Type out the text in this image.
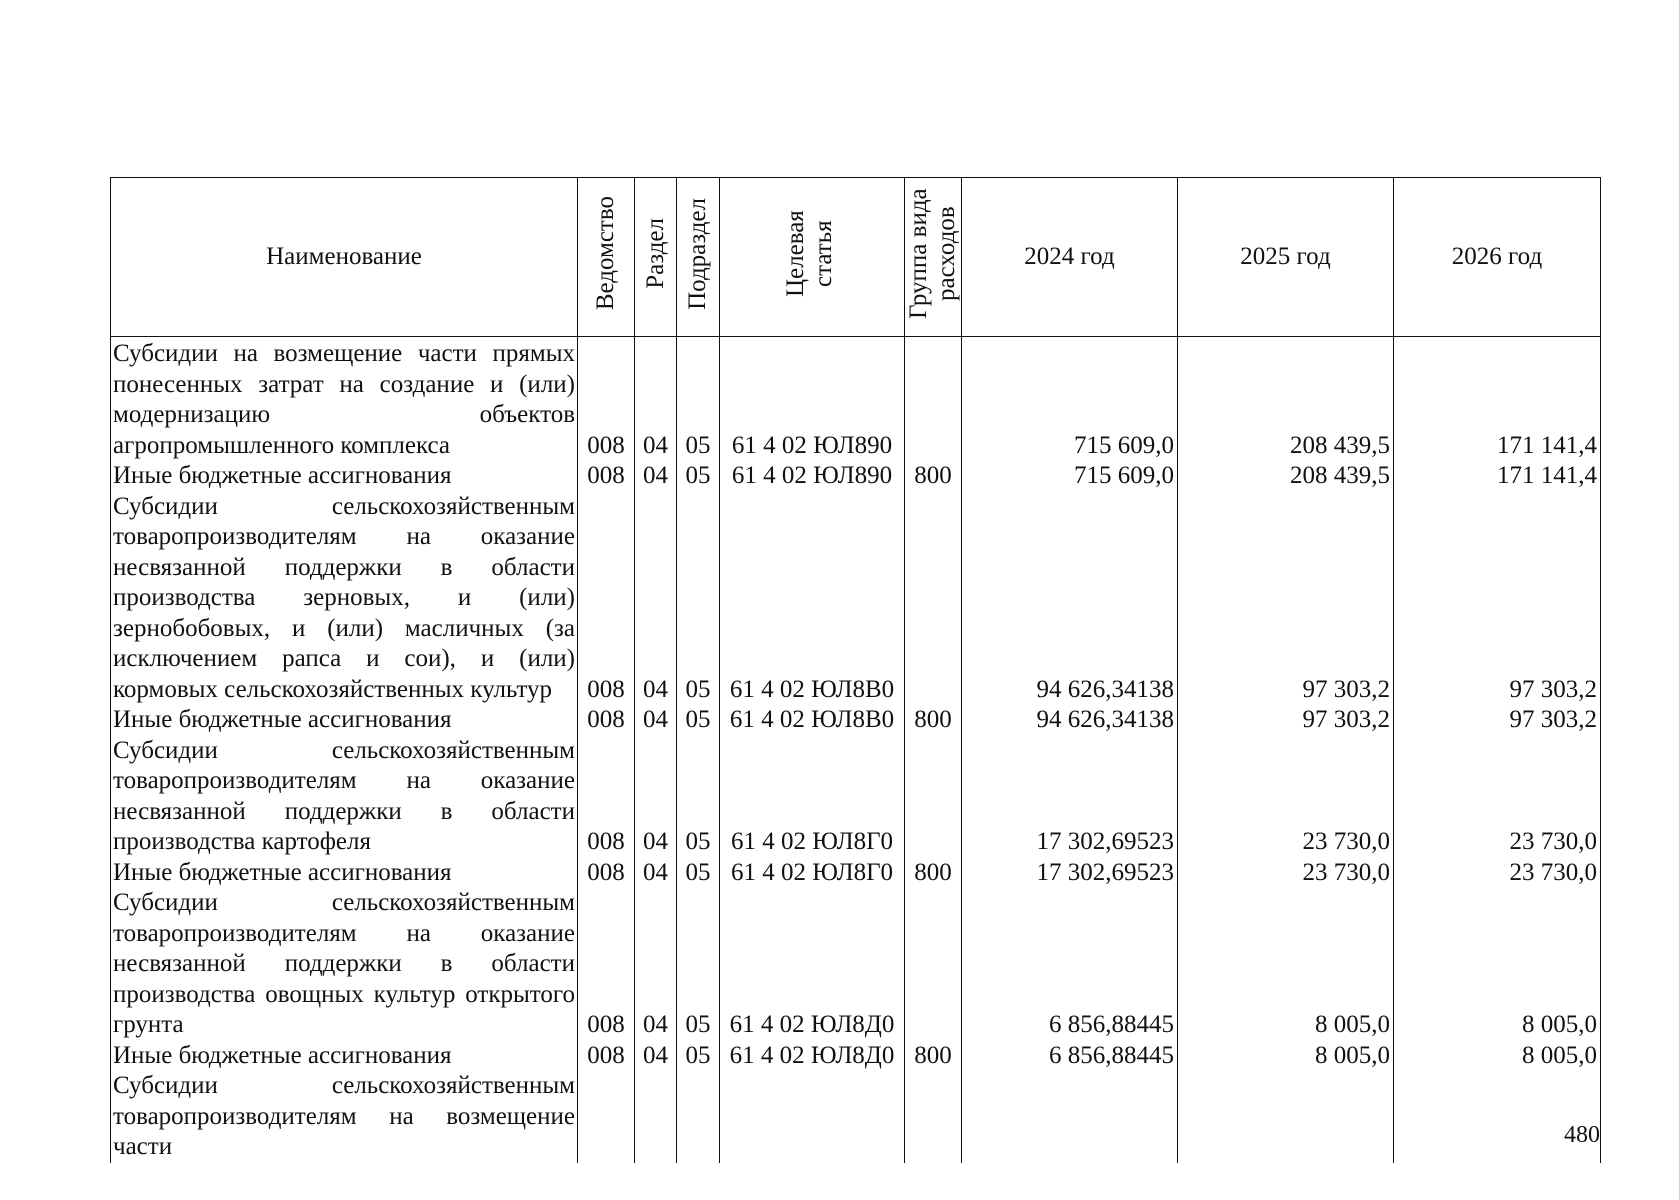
Наименование	Ведомство	Раздел	Подраздел	Целевая статья	Группа вида расходов	2024 год	2025 год	2026 год
Субсидии на возмещение части прямых понесенных затрат на создание и (или) модернизацию объектов агропромышленного комплекса	008	04	05	61 4 02 ЮЛ890		715 609,0	208 439,5	171 141,4
Иные бюджетные ассигнования	008	04	05	61 4 02 ЮЛ890	800	715 609,0	208 439,5	171 141,4
Субсидии сельскохозяйственным товаропроизводителям на оказание несвязанной поддержки в области производства зерновых, и (или) зернобобовых, и (или) масличных (за исключением рапса и сои), и (или) кормовых сельскохозяйственных культур	008	04	05	61 4 02 ЮЛ8В0		94 626,34138	97 303,2	97 303,2
Иные бюджетные ассигнования	008	04	05	61 4 02 ЮЛ8В0	800	94 626,34138	97 303,2	97 303,2
Субсидии сельскохозяйственным товаропроизводителям на оказание несвязанной поддержки в области производства картофеля	008	04	05	61 4 02 ЮЛ8Г0		17 302,69523	23 730,0	23 730,0
Иные бюджетные ассигнования	008	04	05	61 4 02 ЮЛ8Г0	800	17 302,69523	23 730,0	23 730,0
Субсидии сельскохозяйственным товаропроизводителям на оказание несвязанной поддержки в области производства овощных культур открытого грунта	008	04	05	61 4 02 ЮЛ8Д0		6 856,88445	8 005,0	8 005,0
Иные бюджетные ассигнования	008	04	05	61 4 02 ЮЛ8Д0	800	6 856,88445	8 005,0	8 005,0
Субсидии сельскохозяйственным товаропроизводителям на возмещение части									480
